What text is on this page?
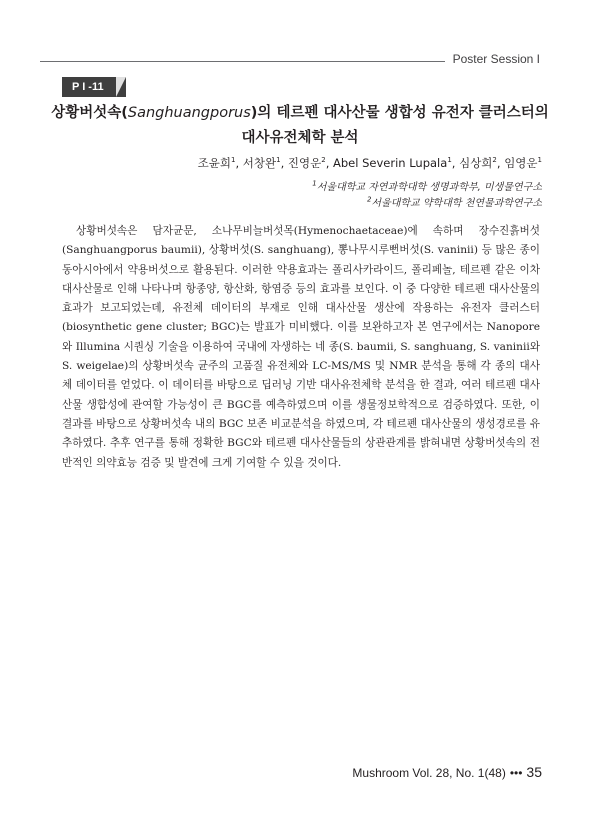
Poster Session I
P I -11
상황버섯속(Sanghuangporus)의 테르펜 대사산물 생합성 유전자 클러스터의
대사유전체학 분석
조윤희$^1$, 서창완$^1$, 진영운$^2$, Abel Severin Lupala$^1$, 심상희$^2$, 임영운$^1$
$^1$서울대학교 자연과학대학 생명과학부, 미생물연구소
$^2$서울대학교 약학대학 천연물과학연구소
상황버섯속은 담자균문, 소나무비늘버섯목(Hymenochaetaceae)에 속하며 장수진흙버섯(Sanghuangporus baumii), 상황버섯(S. sanghuang), 뽕나무시루뻔버섯(S. vaninii) 등 많은 종이 동아시아에서 약용버섯으로 활용된다. 이러한 약용효과는 폴리사카라이드, 폴리페놀, 테르펜 같은 이차 대사산물로 인해 나타나며 항종양, 항산화, 항염증 등의 효과를 보인다. 이 중 다양한 테르펜 대사산물의 효과가 보고되었는데, 유전체 데이터의 부재로 인해 대사산물 생산에 작용하는 유전자 클러스터(biosynthetic gene cluster; BGC)는 발표가 미비했다. 이를 보완하고자 본 연구에서는 Nanopore와 Illumina 시퀀싱 기술을 이용하여 국내에 자생하는 네 종(S. baumii, S. sanghuang, S. vaninii와 S. weigelae)의 상황버섯속 균주의 고품질 유전체와 LC-MS/MS 및 NMR 분석을 통해 각 종의 대사체 데이터를 얻었다. 이 데이터를 바탕으로 딥러닝 기반 대사유전체학 분석을 한 결과, 여러 테르펜 대사산물 생합성에 관여할 가능성이 큰 BGC를 예측하였으며 이를 생물정보학적으로 검증하였다. 또한, 이 결과를 바탕으로 상황버섯속 내의 BGC 보존 비교분석을 하였으며, 각 테르펜 대사산물의 생성경로를 유추하였다. 추후 연구를 통해 정확한 BGC와 테르펜 대사산물들의 상관관계를 밝혀내면 상황버섯속의 전반적인 의약효능 검증 및 발견에 크게 기여할 수 있을 것이다.
Mushroom Vol. 28, No. 1(48) ••• 35
